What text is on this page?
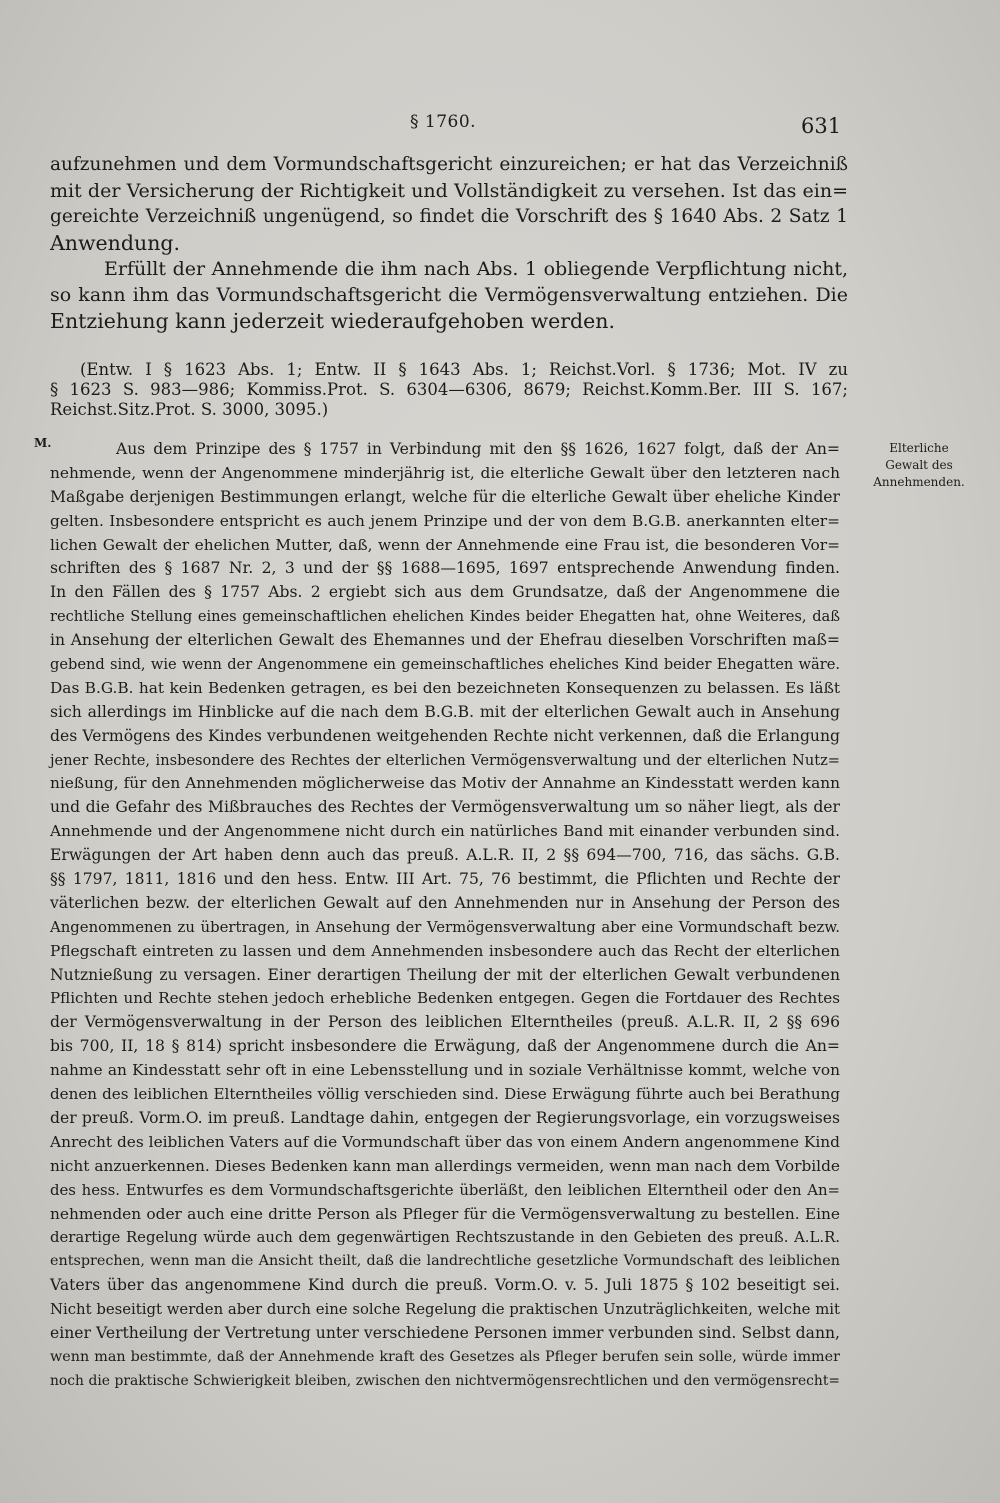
§ 1760.	631
aufzunehmen und dem Vormundschaftsgericht einzureichen; er hat das Verzeichniß
mit der Versicherung der Richtigkeit und Vollständigkeit zu versehen. Ist das ein=
gereichte Verzeichniß ungenügend, so findet die Vorschrift des § 1640 Abs. 2 Satz 1
Anwendung.
Erfüllt der Annehmende die ihm nach Abs. 1 obliegende Verpflichtung nicht,
so kann ihm das Vormundschaftsgericht die Vermögensverwaltung entziehen. Die
Entziehung kann jederzeit wiederaufgehoben werden.
(Entw. I § 1623 Abs. 1; Entw. II § 1643 Abs. 1; Reichst.Vorl. § 1736; Mot. IV zu
§ 1623 S. 983—986; Kommiss.Prot. S. 6304—6306, 8679; Reichst.Komm.Ber. III S. 167;
Reichst.Sitz.Prot. S. 3000, 3095.)
M.	Elterliche
Gewalt des
Annehmenden.
Aus dem Prinzipe des § 1757 in Verbindung mit den §§ 1626, 1627 folgt, daß der An=
nehmende, wenn der Angenommene minderjährig ist, die elterliche Gewalt über den letzteren nach
Maßgabe derjenigen Bestimmungen erlangt, welche für die elterliche Gewalt über eheliche Kinder
gelten. Insbesondere entspricht es auch jenem Prinzipe und der von dem B.G.B. anerkannten elter=
lichen Gewalt der ehelichen Mutter, daß, wenn der Annehmende eine Frau ist, die besonderen Vor=
schriften des § 1687 Nr. 2, 3 und der §§ 1688—1695, 1697 entsprechende Anwendung finden.
In den Fällen des § 1757 Abs. 2 ergiebt sich aus dem Grundsatze, daß der Angenommene die
rechtliche Stellung eines gemeinschaftlichen ehelichen Kindes beider Ehegatten hat, ohne Weiteres, daß
in Ansehung der elterlichen Gewalt des Ehemannes und der Ehefrau dieselben Vorschriften maß=
gebend sind, wie wenn der Angenommene ein gemeinschaftliches eheliches Kind beider Ehegatten wäre.
Das B.G.B. hat kein Bedenken getragen, es bei den bezeichneten Konsequenzen zu belassen. Es läßt
sich allerdings im Hinblicke auf die nach dem B.G.B. mit der elterlichen Gewalt auch in Ansehung
des Vermögens des Kindes verbundenen weitgehenden Rechte nicht verkennen, daß die Erlangung
jener Rechte, insbesondere des Rechtes der elterlichen Vermögensverwaltung und der elterlichen Nutz=
nießung, für den Annehmenden möglicherweise das Motiv der Annahme an Kindesstatt werden kann
und die Gefahr des Mißbrauches des Rechtes der Vermögensverwaltung um so näher liegt, als der
Annehmende und der Angenommene nicht durch ein natürliches Band mit einander verbunden sind.
Erwägungen der Art haben denn auch das preuß. A.L.R. II, 2 §§ 694—700, 716, das sächs. G.B.
§§ 1797, 1811, 1816 und den hess. Entw. III Art. 75, 76 bestimmt, die Pflichten und Rechte der
väterlichen bezw. der elterlichen Gewalt auf den Annehmenden nur in Ansehung der Person des
Angenommenen zu übertragen, in Ansehung der Vermögensverwaltung aber eine Vormundschaft bezw.
Pflegschaft eintreten zu lassen und dem Annehmenden insbesondere auch das Recht der elterlichen
Nutznießung zu versagen. Einer derartigen Theilung der mit der elterlichen Gewalt verbundenen
Pflichten und Rechte stehen jedoch erhebliche Bedenken entgegen. Gegen die Fortdauer des Rechtes
der Vermögensverwaltung in der Person des leiblichen Elterntheiles (preuß. A.L.R. II, 2 §§ 696
bis 700, II, 18 § 814) spricht insbesondere die Erwägung, daß der Angenommene durch die An=
nahme an Kindesstatt sehr oft in eine Lebensstellung und in soziale Verhältnisse kommt, welche von
denen des leiblichen Elterntheiles völlig verschieden sind. Diese Erwägung führte auch bei Berathung
der preuß. Vorm.O. im preuß. Landtage dahin, entgegen der Regierungsvorlage, ein vorzugsweises
Anrecht des leiblichen Vaters auf die Vormundschaft über das von einem Andern angenommene Kind
nicht anzuerkennen. Dieses Bedenken kann man allerdings vermeiden, wenn man nach dem Vorbilde
des hess. Entwurfes es dem Vormundschaftsgerichte überläßt, den leiblichen Elterntheil oder den An=
nehmenden oder auch eine dritte Person als Pfleger für die Vermögensverwaltung zu bestellen. Eine
derartige Regelung würde auch dem gegenwärtigen Rechtszustande in den Gebieten des preuß. A.L.R.
entsprechen, wenn man die Ansicht theilt, daß die landrechtliche gesetzliche Vormundschaft des leiblichen
Vaters über das angenommene Kind durch die preuß. Vorm.O. v. 5. Juli 1875 § 102 beseitigt sei.
Nicht beseitigt werden aber durch eine solche Regelung die praktischen Unzuträglichkeiten, welche mit
einer Vertheilung der Vertretung unter verschiedene Personen immer verbunden sind. Selbst dann,
wenn man bestimmte, daß der Annehmende kraft des Gesetzes als Pfleger berufen sein solle, würde immer
noch die praktische Schwierigkeit bleiben, zwischen den nichtvermögensrechtlichen und den vermögensrecht=
